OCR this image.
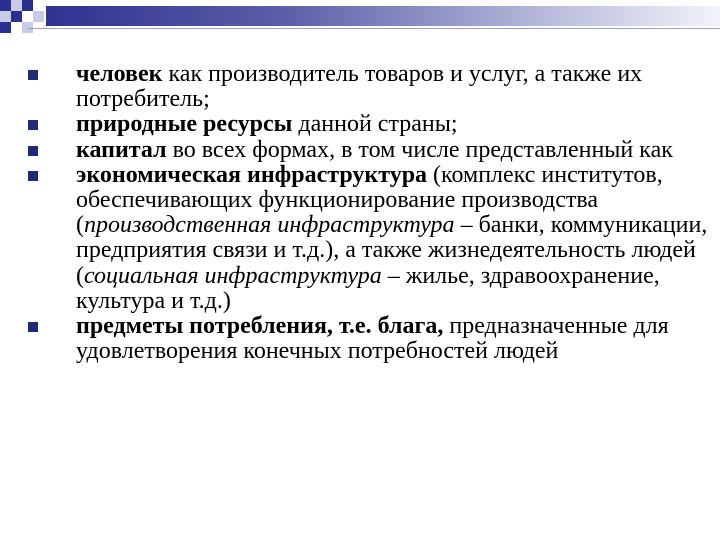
человек как производитель товаров и услуг, а также их потребитель;
природные ресурсы данной страны;
капитал во всех формах, в том числе представленный как
экономическая инфраструктура (комплекс институтов, обеспечивающих функционирование производства (производственная инфраструктура – банки, коммуникации, предприятия связи и т.д.), а также жизнедеятельность людей (социальная инфраструктура – жилье, здравоохранение, культура и т.д.)
предметы потребления, т.е. блага, предназначенные для удовлетворения конечных потребностей людей
